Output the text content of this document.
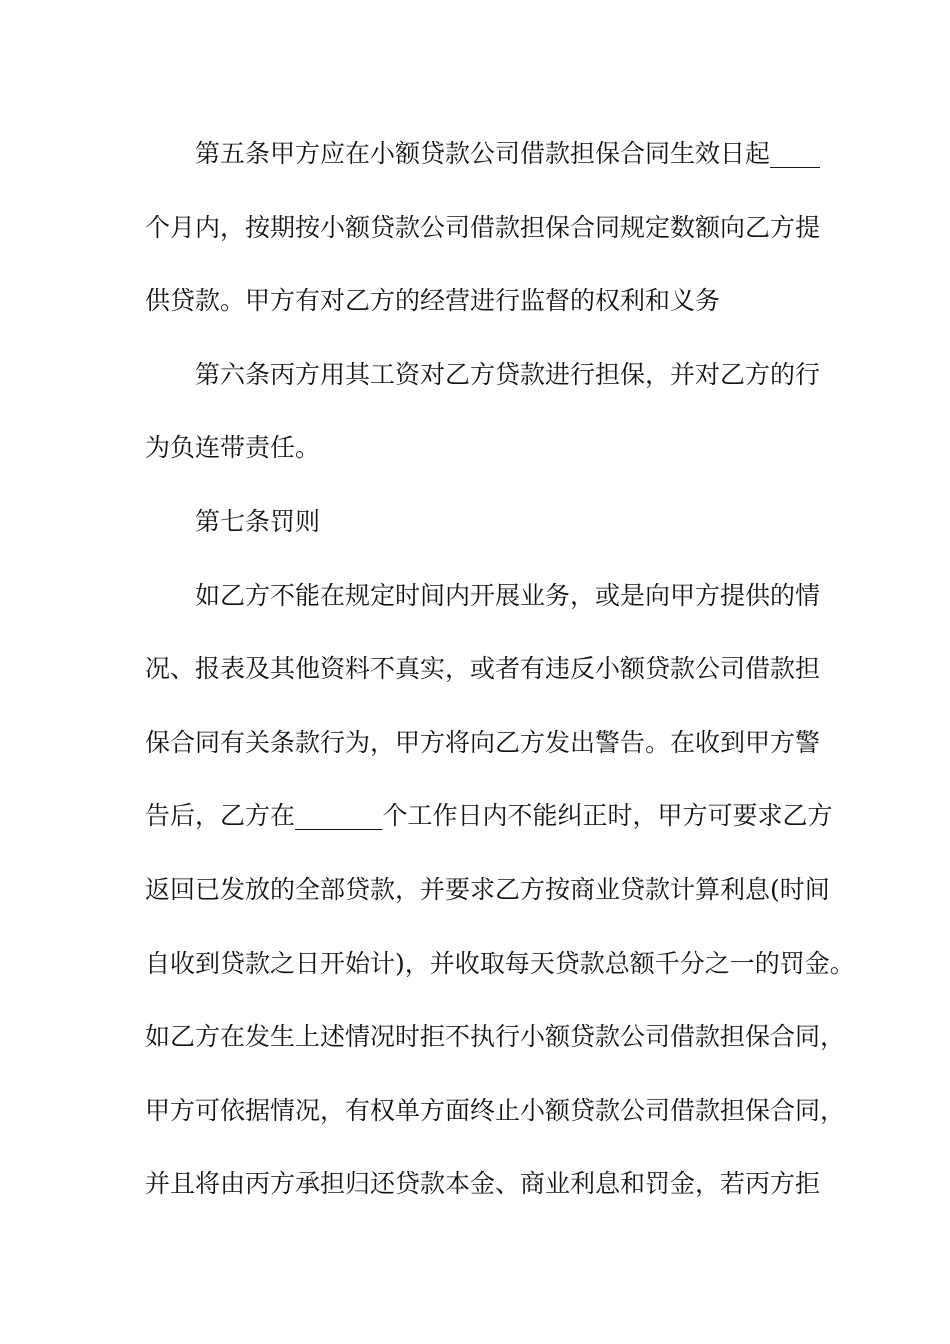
第五条甲方应在小额贷款公司借款担保合同生效日起____
个月内，按期按小额贷款公司借款担保合同规定数额向乙方提
供贷款。甲方有对乙方的经营进行监督的权利和义务
第六条丙方用其工资对乙方贷款进行担保，并对乙方的行
为负连带责任。
第七条罚则
如乙方不能在规定时间内开展业务，或是向甲方提供的情
况、报表及其他资料不真实，或者有违反小额贷款公司借款担
保合同有关条款行为，甲方将向乙方发出警告。在收到甲方警
告后，乙方在_______个工作日内不能纠正时，甲方可要求乙方
返回已发放的全部贷款，并要求乙方按商业贷款计算利息(时间
自收到贷款之日开始计)，并收取每天贷款总额千分之一的罚金。
如乙方在发生上述情况时拒不执行小额贷款公司借款担保合同，
甲方可依据情况，有权单方面终止小额贷款公司借款担保合同，
并且将由丙方承担归还贷款本金、商业利息和罚金，若丙方拒
